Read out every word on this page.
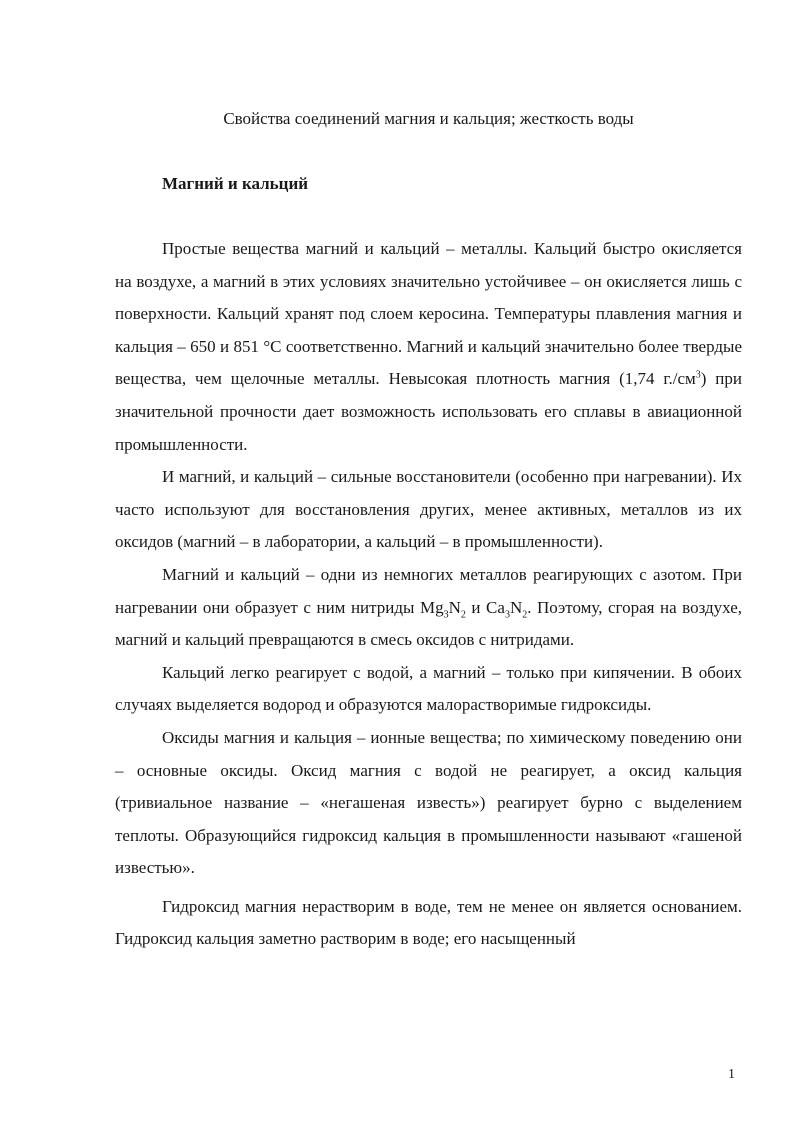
Свойства соединений магния и кальция; жесткость воды
Магний и кальций

Простые вещества магний и кальций – металлы. Кальций быстро окисляется на воздухе, а магний в этих условиях значительно устойчивее – он окисляется лишь с поверхности. Кальций хранят под слоем керосина. Температуры плавления магния и кальция – 650 и 851 °С соответственно. Магний и кальций значительно более твердые вещества, чем щелочные металлы. Невысокая плотность магния (1,74 $г./см^3$) при значительной прочности дает возможность использовать его сплавы в авиационной промышленности.

И магний, и кальций – сильные восстановители (особенно при нагревании). Их часто используют для восстановления других, менее активных, металлов из их оксидов (магний – в лаборатории, а кальций – в промышленности).

Магний и кальций – одни из немногих металлов реагирующих с азотом. При нагревании они образует с ним нитриды $Mg_3N_2$ и $Ca_3N_2$. Поэтому, сгорая на воздухе, магний и кальций превращаются в смесь оксидов с нитридами.

Кальций легко реагирует с водой, а магний – только при кипячении. В обоих случаях выделяется водород и образуются малорастворимые гидроксиды.

Оксиды магния и кальция – ионные вещества; по химическому поведению они – основные оксиды. Оксид магния с водой не реагирует, а оксид кальция (тривиальное название – «негашеная известь») реагирует бурно с выделением теплоты. Образующийся гидроксид кальция в промышленности называют «гашеной известью».

Гидроксид магния нерастворим в воде, тем не менее он является основанием. Гидроксид кальция заметно растворим в воде; его насыщенный

1
